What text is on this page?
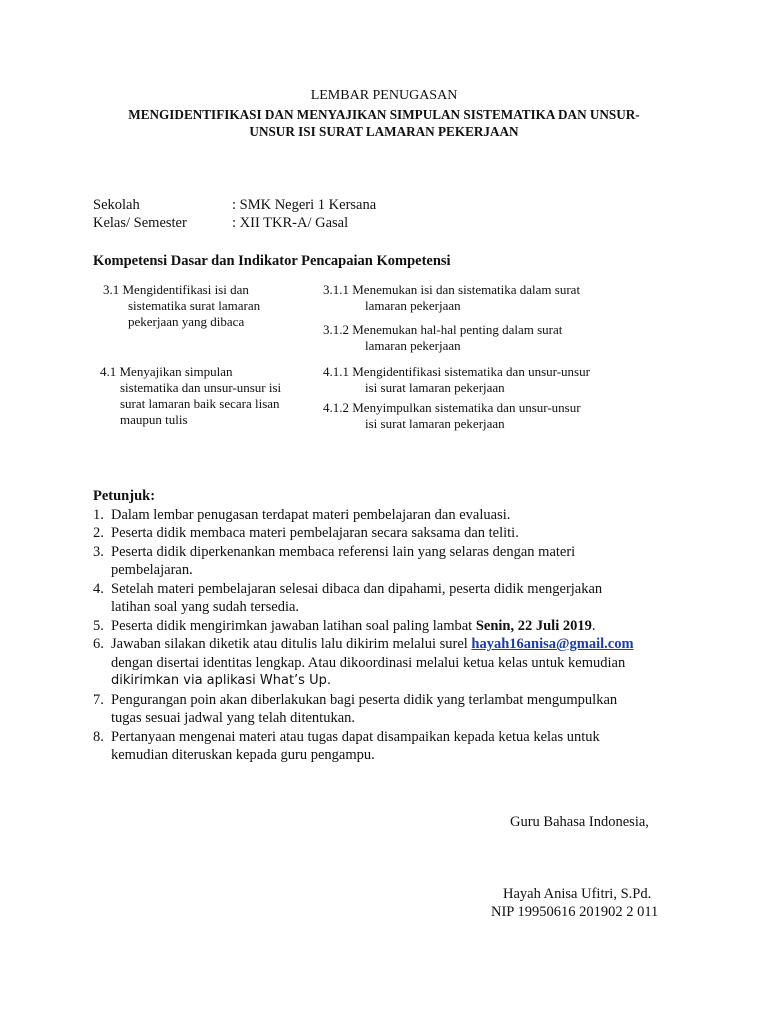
LEMBAR PENUGASAN
MENGIDENTIFIKASI DAN MENYAJIKAN SIMPULAN SISTEMATIKA DAN UNSUR-
UNSUR ISI SURAT LAMARAN PEKERJAAN
Sekolah	: SMK Negeri 1 Kersana
Kelas/ Semester	: XII TKR-A/ Gasal
Kompetensi Dasar dan Indikator Pencapaian Kompetensi
3.1 Mengidentifikasi isi dan
sistematika surat lamaran
pekerjaan yang dibaca
3.1.1 Menemukan isi dan sistematika dalam surat
lamaran pekerjaan
3.1.2 Menemukan hal-hal penting dalam surat
lamaran pekerjaan
4.1 Menyajikan simpulan
sistematika dan unsur-unsur isi
surat lamaran baik secara lisan
maupun tulis
4.1.1 Mengidentifikasi sistematika dan unsur-unsur
isi surat lamaran pekerjaan
4.1.2 Menyimpulkan sistematika dan unsur-unsur
isi surat lamaran pekerjaan
Petunjuk:
1. Dalam lembar penugasan terdapat materi pembelajaran dan evaluasi.
2. Peserta didik membaca materi pembelajaran secara saksama dan teliti.
3. Peserta didik diperkenankan membaca referensi lain yang selaras dengan materi
pembelajaran.
4. Setelah materi pembelajaran selesai dibaca dan dipahami, peserta didik mengerjakan
latihan soal yang sudah tersedia.
5. Peserta didik mengirimkan jawaban latihan soal paling lambat Senin, 22 Juli 2019.
6. Jawaban silakan diketik atau ditulis lalu dikirim melalui surel hayah16anisa@gmail.com
dengan disertai identitas lengkap. Atau dikoordinasi melalui ketua kelas untuk kemudian
dikirimkan via aplikasi What’s Up.
7. Pengurangan poin akan diberlakukan bagi peserta didik yang terlambat mengumpulkan
tugas sesuai jadwal yang telah ditentukan.
8. Pertanyaan mengenai materi atau tugas dapat disampaikan kepada ketua kelas untuk
kemudian diteruskan kepada guru pengampu.
Guru Bahasa Indonesia,
Hayah Anisa Ufitri, S.Pd.
NIP 19950616 201902 2 011
